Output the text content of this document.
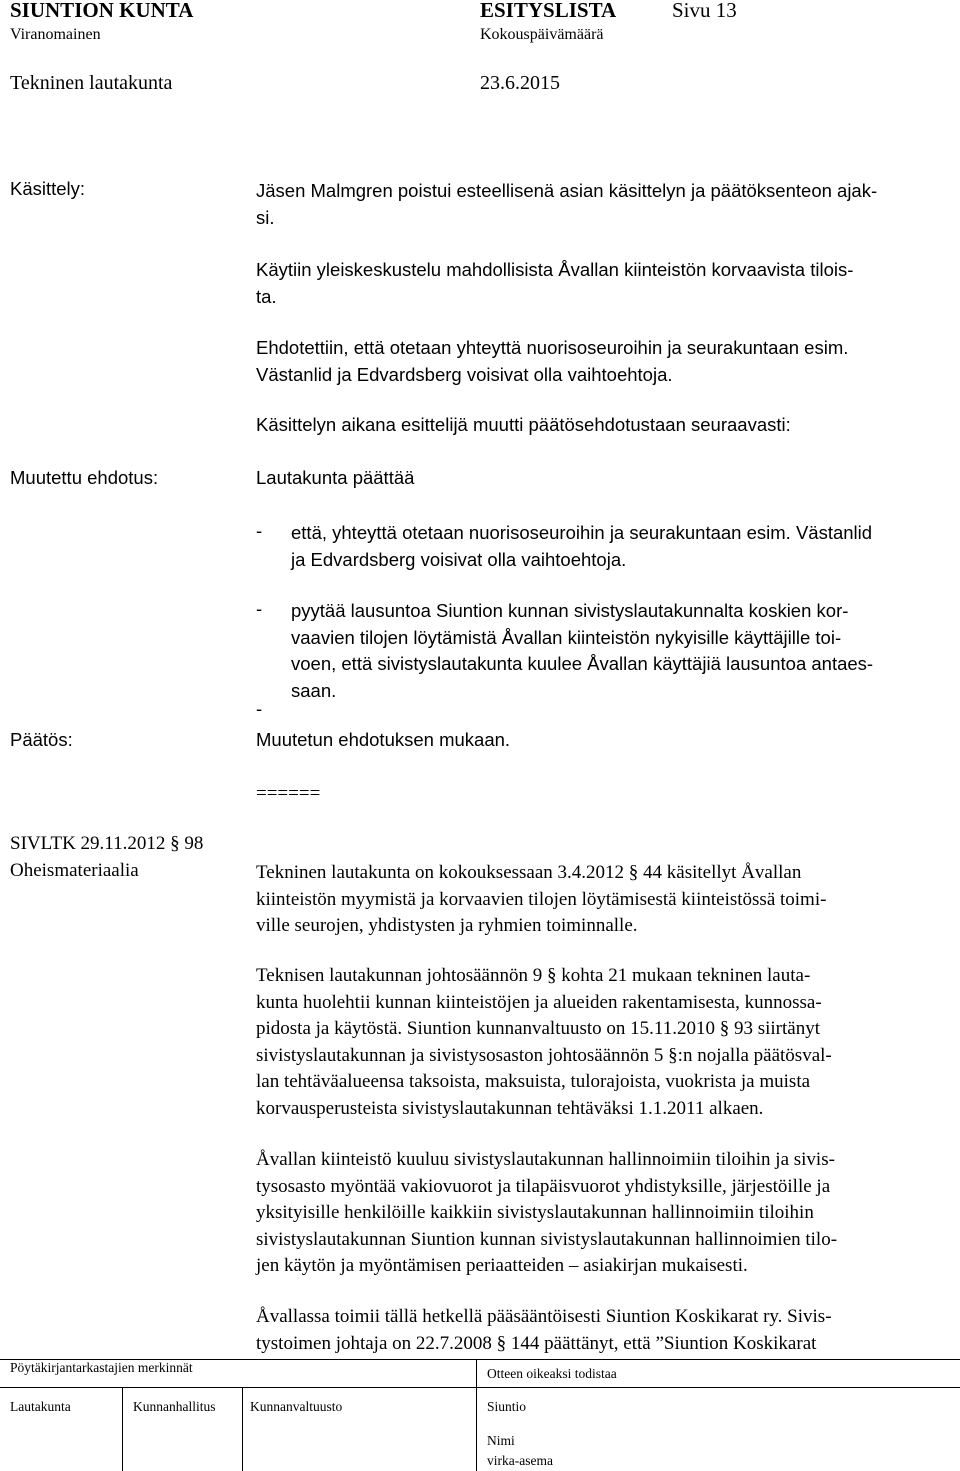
SIUNTION KUNTA	ESITYSLISTA	Sivu 13
Viranomainen	Kokouspäivämäärä
Tekninen lautakunta	23.6.2015
Käsittely:	Jäsen Malmgren poistui esteellisenä asian käsittelyn ja päätöksenteon ajak-
si.
Käytiin yleiskeskustelu mahdollisista Åvallan kiinteistön korvaavista tilois-
ta.
Ehdotettiin, että otetaan yhteyttä nuorisoseuroihin ja seurakuntaan esim.
Västanlid ja Edvardsberg voisivat olla vaihtoehtoja.
Käsittelyn aikana esittelijä muutti päätösehdotustaan seuraavasti:
Muutettu ehdotus:	Lautakunta päättää
- että, yhteyttä otetaan nuorisoseuroihin ja seurakuntaan esim. Västanlid
ja Edvardsberg voisivat olla vaihtoehtoja.
- pyytää lausuntoa Siuntion kunnan sivistyslautakunnalta koskien kor-
vaavien tilojen löytämistä Åvallan kiinteistön nykyisille käyttäjille toi-
voen, että sivistyslautakunta kuulee Åvallan käyttäjiä lausuntoa antaes-
saan.
-
Päätös:	Muutetun ehdotuksen mukaan.
======
SIVLTK 29.11.2012 § 98
Oheismateriaalia	Tekninen lautakunta on kokouksessaan 3.4.2012 § 44 käsitellyt Åvallan
kiinteistön myymistä ja korvaavien tilojen löytämisestä kiinteistössä toimi-
ville seurojen, yhdistysten ja ryhmien toiminnalle.
Teknisen lautakunnan johtosäännön 9 § kohta 21 mukaan tekninen lauta-
kunta huolehtii kunnan kiinteistöjen ja alueiden rakentamisesta, kunnossa-
pidosta ja käytöstä. Siuntion kunnanvaltuusto on 15.11.2010 § 93 siirtänyt
sivistyslautakunnan ja sivistysosaston johtosäännön 5 §:n nojalla päätösval-
lan tehtäväalueensa taksoista, maksuista, tulorajoista, vuokrista ja muista
korvausperusteista sivistyslautakunnan tehtäväksi 1.1.2011 alkaen.
Åvallan kiinteistö kuuluu sivistyslautakunnan hallinnoimiin tiloihin ja sivis-
tysosasto myöntää vakiovuorot ja tilapäisvuorot yhdistyksille, järjestöille ja
yksityisille henkilöille kaikkiin sivistyslautakunnan hallinnoimiin tiloihin
sivistyslautakunnan Siuntion kunnan sivistyslautakunnan hallinnoimien tilo-
jen käytön ja myöntämisen periaatteiden – asiakirjan mukaisesti.
Åvallassa toimii tällä hetkellä pääsääntöisesti Siuntion Koskikarat ry. Sivis-
tystoimen johtaja on 22.7.2008 § 144 päättänyt, että ”Siuntion Koskikarat
Pöytäkirjantarkastajien merkinnät	Otteen oikeaksi todistaa
Lautakunta	Kunnanhallitus	Kunnanvaltuusto	Siuntio
Nimi
virka-asema
